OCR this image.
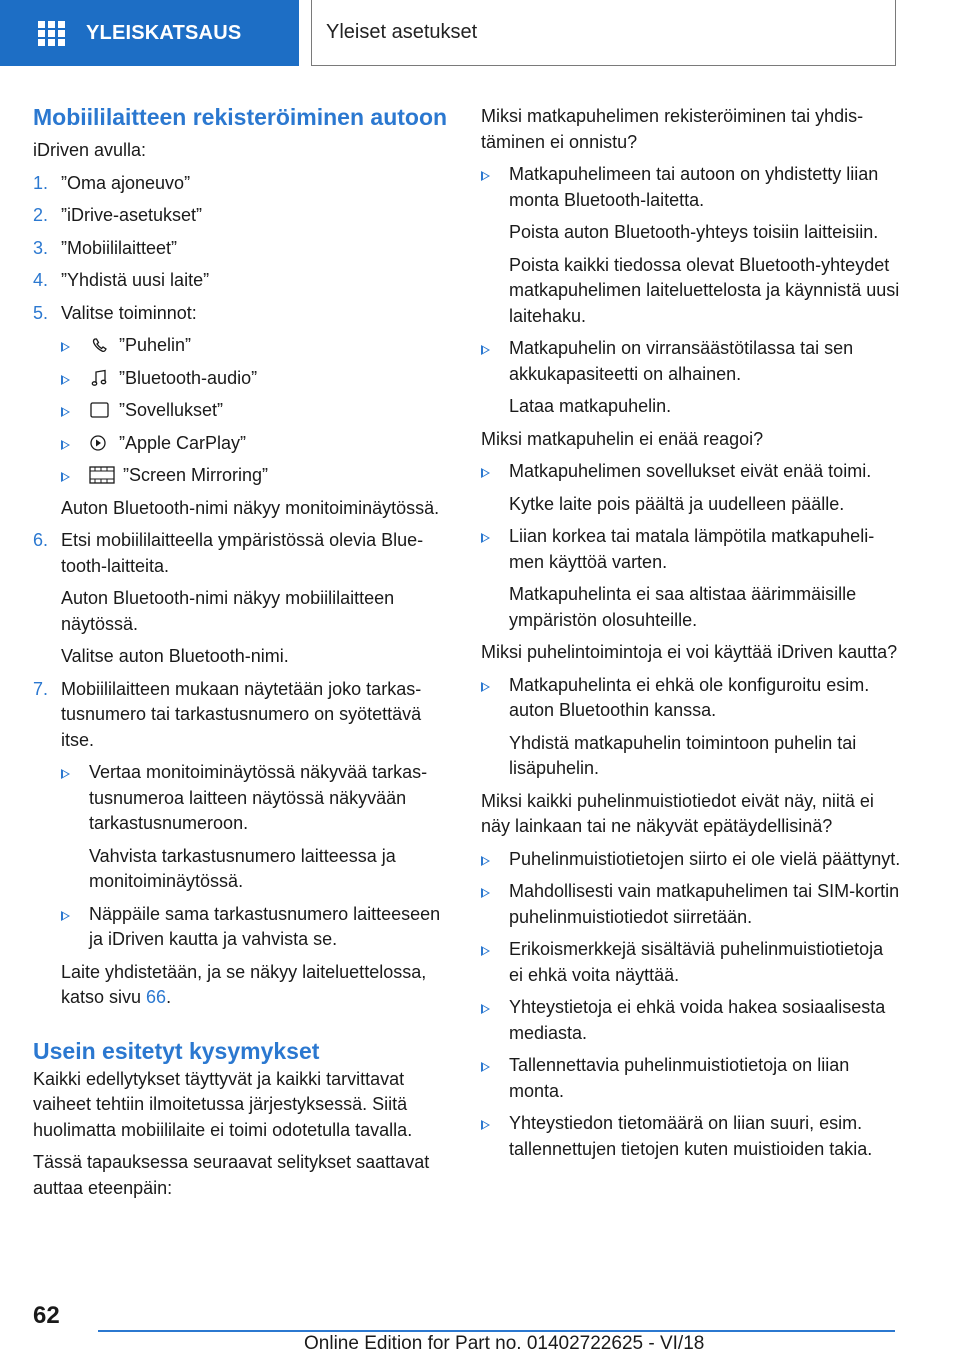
YLEISKATSAUS	Yleiset asetukset
Mobiililaitteen rekisteröiminen autoon
iDriven avulla:
1. ”Oma ajoneuvo”
2. ”iDrive-asetukset”
3. ”Mobiililaitteet”
4. ”Yhdistä uusi laite”
5. Valitse toiminnot:
”Puhelin”
”Bluetooth-audio”
”Sovellukset”
”Apple CarPlay”
”Screen Mirroring”
Auton Bluetooth-nimi näkyy monitoiminäytössä.
6. Etsi mobiililaitteella ympäristössä olevia Bluetooth-laitteita.
Auton Bluetooth-nimi näkyy mobiililaitteen näytössä.
Valitse auton Bluetooth-nimi.
7. Mobiililaitteen mukaan näytetään joko tarkastusnumero tai tarkastusnumero on syötettävä itse.
Vertaa monitoiminäytössä näkyvää tarkastusnumeroa laitteen näytössä näkyvään tarkastusnumeroon.
Vahvista tarkastusnumero laitteessa ja monitoiminäytössä.
Näppäile sama tarkastusnumero laitteeseen ja iDriven kautta ja vahvista se.
Laite yhdistetään, ja se näkyy laiteluettelossa, katso sivu 66.
Usein esitetyt kysymykset
Kaikki edellytykset täyttyvät ja kaikki tarvittavat vaiheet tehtiin ilmoitetussa järjestyksessä. Siitä huolimatta mobiililaite ei toimi odotetulla tavalla.
Tässä tapauksessa seuraavat selitykset saattavat auttaa eteenpäin:
Miksi matkapuhelimen rekisteröiminen tai yhdistäminen ei onnistu?
Matkapuhelimeen tai autoon on yhdistetty liian monta Bluetooth-laitetta.
Poista auton Bluetooth-yhteys toisiin laitteisiin.
Poista kaikki tiedossa olevat Bluetooth-yhteydet matkapuhelimen laiteluettelosta ja käynnistä uusi laitehaku.
Matkapuhelin on virransäästötilassa tai sen akkukapasiteetti on alhainen.
Lataa matkapuhelin.
Miksi matkapuhelin ei enää reagoi?
Matkapuhelimen sovellukset eivät enää toimi.
Kytke laite pois päältä ja uudelleen päälle.
Liian korkea tai matala lämpötila matkapuhelimen käyttöä varten.
Matkapuhelinta ei saa altistaa äärimmäisille ympäristön olosuhteille.
Miksi puhelintoimintoja ei voi käyttää iDriven kautta?
Matkapuhelinta ei ehkä ole konfiguroitu esim. auton Bluetoothin kanssa.
Yhdistä matkapuhelin toimintoon puhelin tai lisäpuhelin.
Miksi kaikki puhelinmuistiotiedot eivät näy, niitä ei näy lainkaan tai ne näkyvät epätäydellisinä?
Puhelinmuistiotietojen siirto ei ole vielä päättynyt.
Mahdollisesti vain matkapuhelimen tai SIM-kortin puhelinmuistiotiedot siirretään.
Erikoismerkkejä sisältäviä puhelinmuistiotietoja ei ehkä voita näyttää.
Yhteystietoja ei ehkä voida hakea sosiaalisesta mediasta.
Tallennettavia puhelinmuistiotietoja on liian monta.
Yhteystiedon tietomäärä on liian suuri, esim. tallennettujen tietojen kuten muistioiden takia.
62
Online Edition for Part no. 01402722625 - VI/18
